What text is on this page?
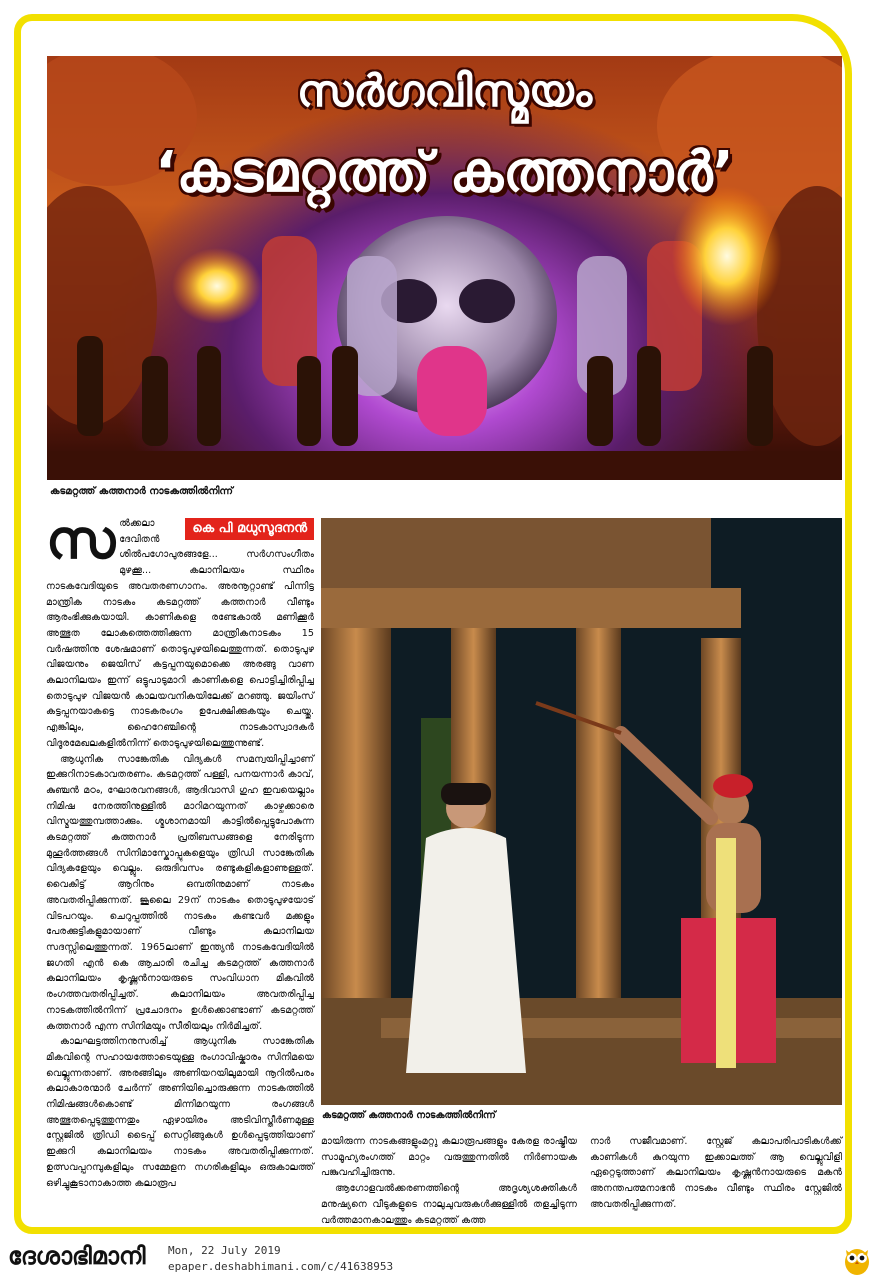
സർഗവിസ്മയം
‘കടമറ്റത്ത് കത്തനാർ’
കടമറ്റത്ത് കത്തനാർ നാടകത്തിൽനിന്ന്

സ	കെ പി മധുസൂദനൻ
ൽക്കലാ ദേവിതൻ ശിൽപഗോപുരങ്ങളേ... സർഗസംഗീതം മുഴക്കൂ... കലാനിലയം സ്ഥിരം നാടകവേദിയുടെ അവതരണഗാനം. അരനൂറ്റാണ്ട് പിന്നിട്ട മാന്ത്രിക നാടകം കടമറ്റത്ത് കത്തനാർ വീണ്ടും ആരംഭിക്കുകയായി. കാണികളെ രണ്ടേകാൽ മണിക്കൂർ അത്ഭുത ലോകത്തെത്തിക്കുന്ന മാന്ത്രികനാടകം 15 വർഷത്തിനു ശേഷമാണ് തൊടുപുഴയിലെത്തുന്നത്. തൊടുപുഴ വിജയനും ജെയിസ് കട്ടപ്പനയുമൊക്കെ അരങ്ങു വാണ കലാനിലയം ഇന്ന് ഒട്ടുപാടുമാറി കാണികളെ പൊട്ടിച്ചിരിപ്പിച്ച തൊടുപുഴ വിജയൻ കാലയവനികയിലേക്ക് മറഞ്ഞു. ജയിംസ് കട്ടപ്പനയാകട്ടെ നാടകരംഗം ഉപേക്ഷിക്കുകയും ചെയ്തു. എങ്കിലും, ഹൈറേഞ്ചിന്റെ നാടകാസ്വാദകർ വിദൂരമേഖലകളിൽനിന്ന് തൊടുപുഴയിലെത്തുന്നുണ്ട്.

ആധുനിക സാങ്കേതിക വിദ്യകൾ സമന്വയിപ്പിച്ചാണ് ഇക്കുറിനാടകാവതരണം. കടമറ്റത്ത് പള്ളി, പനയന്നാർ കാവ്, കുഞ്ചൻ മഠം, ഘോരവനങ്ങൾ, ആദിവാസി ഗുഹ ഇവയെല്ലാം നിമിഷ നേരത്തിനുള്ളിൽ മാറിമറയുന്നത് കാഴ്ചക്കാരെ വിസ്മയത്തുമ്പത്താക്കും. ശ്മശാനമായി കാട്ടിൽപ്പെട്ടുപോകുന്ന കടമറ്റത്ത് കത്തനാർ പ്രതിബന്ധങ്ങളെ നേരിടുന്ന മുഹൂർത്തങ്ങൾ സിനിമാസ്കോപ്പുകളെയും ത്രിഡി സാങ്കേതിക വിദ്യകളേയും വെല്ലും. ഒരുദിവസം രണ്ടുകളികളാണുള്ളത്. വൈകിട്ട് ആറിനും ഒമ്പതിനുമാണ് നാടകം അവതരിപ്പിക്കുന്നത്. ജൂലൈ 29ന് നാടകം തൊടുപുഴയോട് വിടപറയും. ചെറുപ്പത്തിൽ നാടകം കണ്ടവർ മക്കളും പേരക്കുട്ടികളുമായാണ് വീണ്ടും കലാനിലയ സദസ്സിലെത്തുന്നത്. 1965ലാണ് ഇന്ത്യൻ നാടകവേദിയിൽ ജഗതി എൻ കെ ആചാരി രചിച്ച കടമറ്റത്ത് കത്തനാർ കലാനിലയം കൃഷ്ണൻനായരുടെ സംവിധാന മികവിൽ രംഗത്തവതരിപ്പിച്ചത്. കലാനിലയം അവതരിപ്പിച്ച നാടകത്തിൽനിന്ന് പ്രചോദനം ഉൾക്കൊണ്ടാണ് കടമറ്റത്ത് കത്തനാർ എന്ന സിനിമയും സീരിയലും നിർമിച്ചത്.

കാലഘട്ടത്തിനനുസരിച്ച് ആധുനിക സാങ്കേതിക മികവിന്റെ സഹായത്തോടെയുള്ള രംഗാവിഷ്കാരം സിനിമയെ വെല്ലുന്നതാണ്. അരങ്ങിലും അണിയറയിലുമായി നൂറിൽപരം കലാകാരന്മാർ ചേർന്ന് അണിയിച്ചൊരുക്കുന്ന നാടകത്തിൽ നിമിഷങ്ങൾകൊണ്ട് മിന്നിമറയുന്ന രംഗങ്ങൾ അത്ഭുതപ്പെടുത്തുന്നതും ഏഴായിരം അടിവിസ്തീർണമുള്ള സ്റ്റേജിൽ ത്രിഡി ടൈപ്പ് സെറ്റിങ്ങുകൾ ഉൾപ്പെടുത്തിയാണ് ഇക്കുറി കലാനിലയം നാടകം അവതരിപ്പിക്കുന്നത്. ഉത്സവപ്പറമ്പുകളിലും സമ്മേളന നഗരികളിലും ഒരുകാലത്ത് ഒഴിച്ചുകൂടാനാകാത്ത കലാരൂപ

കടമറ്റത്ത് കത്തനാർ നാടകത്തിൽനിന്ന്

മായിരുന്ന നാടകങ്ങളുംമറ്റു കലാരൂപങ്ങളും കേരള രാഷ്ട്രീയ സാമൂഹ്യരംഗത്ത് മാറ്റം വരുത്തുന്നതിൽ നിർണായക പങ്കുവഹിച്ചിരുന്നു.

ആഗോളവൽക്കരണത്തിന്റെ അദൃശ്യശക്തികൾ മനുഷ്യനെ വീടുകളുടെ നാലുചുവരുകൾക്കുള്ളിൽ തളച്ചിടുന്ന വർത്തമാനകാലത്തും കടമറ്റത്ത് കത്ത

നാർ സജീവമാണ്. സ്റ്റേജ് കലാപരിപാടികൾക്ക് കാണികൾ കുറയുന്ന ഇക്കാലത്ത് ആ വെല്ലുവിളി ഏറ്റെടുത്താണ് കലാനിലയം കൃഷ്ണൻനായരുടെ മകൻ അനന്തപത്മനാഭൻ നാടകം വീണ്ടും സ്ഥിരം സ്റ്റേജിൽ അവതരിപ്പിക്കുന്നത്.

ദേശാഭിമാനി Mon, 22 July 2019
epaper.deshabhimani.com/c/41638953
